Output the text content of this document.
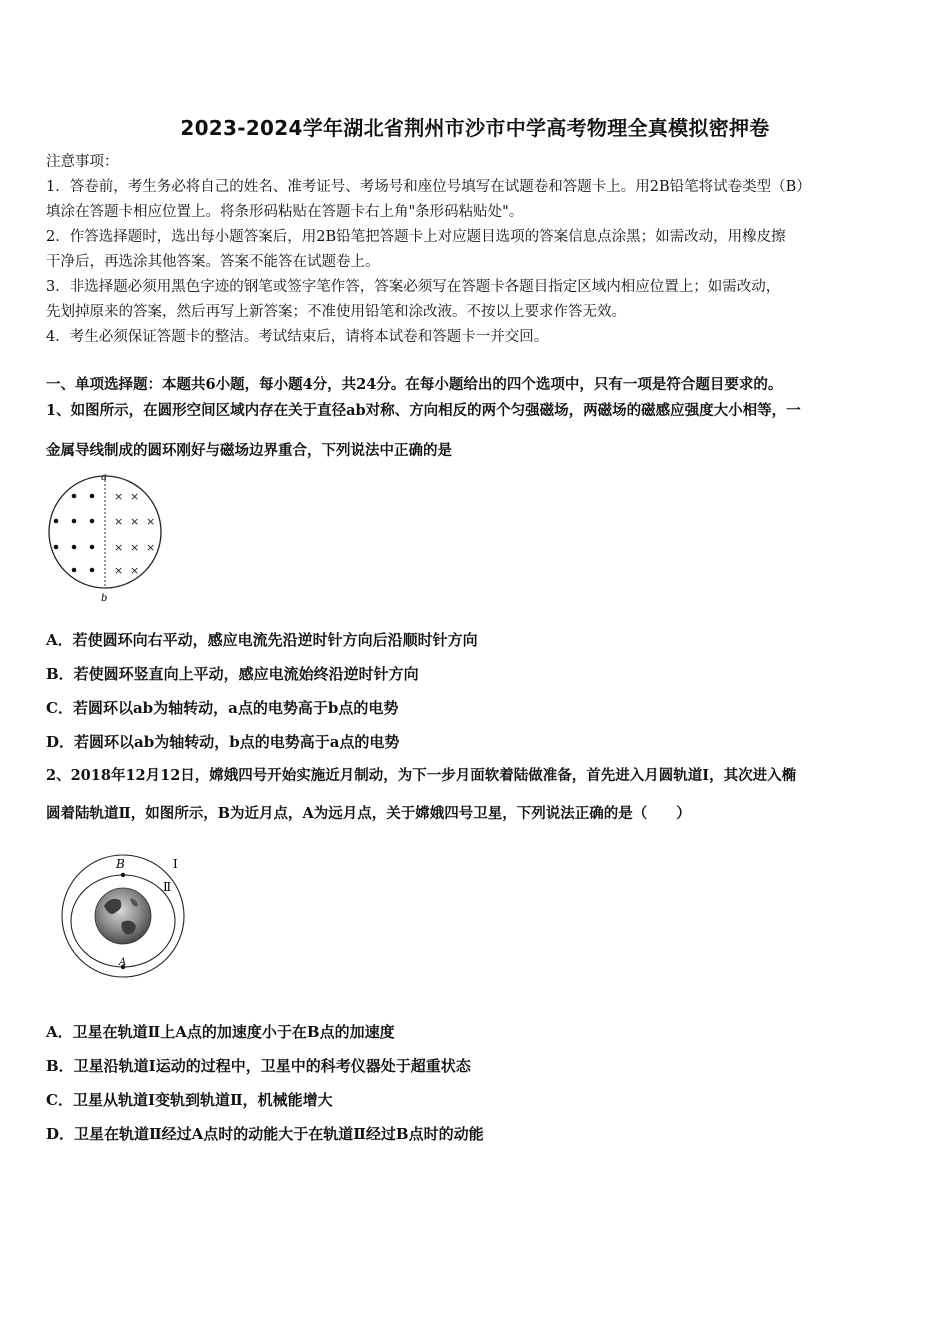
2023-2024学年湖北省荆州市沙市中学高考物理全真模拟密押卷
注意事项：
1．答卷前，考生务必将自己的姓名、准考证号、考场号和座位号填写在试题卷和答题卡上。用2B铅笔将试卷类型（B）
填涂在答题卡相应位置上。将条形码粘贴在答题卡右上角"条形码粘贴处"。
2．作答选择题时，选出每小题答案后，用2B铅笔把答题卡上对应题目选项的答案信息点涂黑；如需改动，用橡皮擦
干净后，再选涂其他答案。答案不能答在试题卷上。
3．非选择题必须用黑色字迹的钢笔或签字笔作答，答案必须写在答题卡各题目指定区域内相应位置上；如需改动，
先划掉原来的答案，然后再写上新答案；不准使用铅笔和涂改液。不按以上要求作答无效。
4．考生必须保证答题卡的整洁。考试结束后，请将本试卷和答题卡一并交回。
一、单项选择题：本题共6小题，每小题4分，共24分。在每小题给出的四个选项中，只有一项是符合题目要求的。
1、如图所示，在圆形空间区域内存在关于直径ab对称、方向相反的两个匀强磁场，两磁场的磁感应强度大小相等，一
金属导线制成的圆环刚好与磁场边界重合，下列说法中正确的是
a
b
× ×
× × ×
× × ×
× ×
A．若使圆环向右平动，感应电流先沿逆时针方向后沿顺时针方向
B．若使圆环竖直向上平动，感应电流始终沿逆时针方向
C．若圆环以ab为轴转动，a点的电势高于b点的电势
D．若圆环以ab为轴转动，b点的电势高于a点的电势
2、2018年12月12日，嫦娥四号开始实施近月制动，为下一步月面软着陆做准备，首先进入月圆轨道Ⅰ，其次进入椭
圆着陆轨道Ⅱ，如图所示，B为近月点，A为远月点，关于嫦娥四号卫星，下列说法正确的是（　　）
B
A
Ⅰ
Ⅱ
A．卫星在轨道Ⅱ上A点的加速度小于在B点的加速度
B．卫星沿轨道Ⅰ运动的过程中，卫星中的科考仪器处于超重状态
C．卫星从轨道Ⅰ变轨到轨道Ⅱ，机械能增大
D．卫星在轨道Ⅱ经过A点时的动能大于在轨道Ⅱ经过B点时的动能
